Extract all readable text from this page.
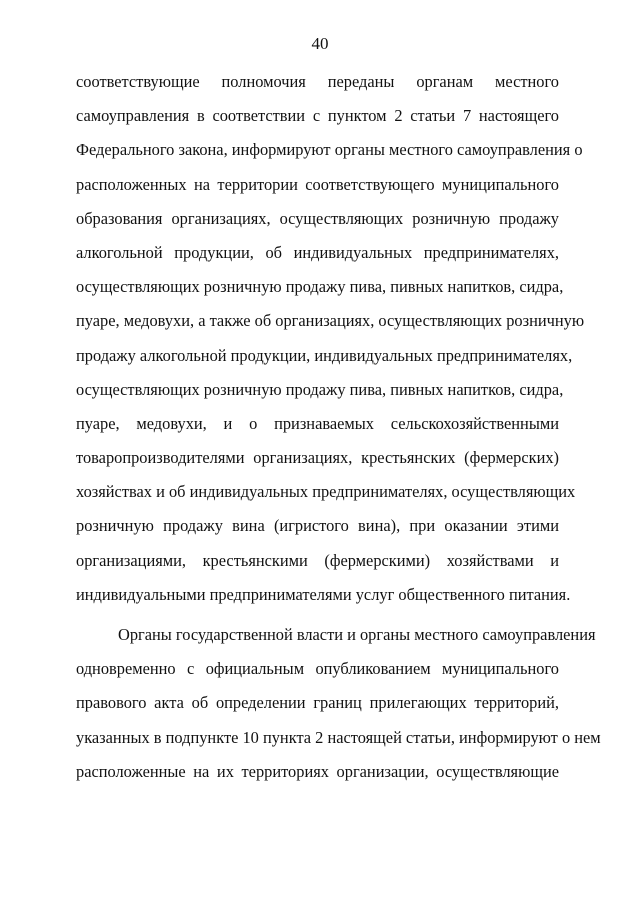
40
соответствующие полномочия переданы органам местного
самоуправления в соответствии с пунктом 2 статьи 7 настоящего
Федерального закона, информируют органы местного самоуправления о
расположенных на территории соответствующего муниципального
образования организациях, осуществляющих розничную продажу
алкогольной продукции, об индивидуальных предпринимателях,
осуществляющих розничную продажу пива, пивных напитков, сидра,
пуаре, медовухи, а также об организациях, осуществляющих розничную
продажу алкогольной продукции, индивидуальных предпринимателях,
осуществляющих розничную продажу пива, пивных напитков, сидра,
пуаре, медовухи, и о признаваемых сельскохозяйственными
товаропроизводителями организациях, крестьянских (фермерских)
хозяйствах и об индивидуальных предпринимателях, осуществляющих
розничную продажу вина (игристого вина), при оказании этими
организациями, крестьянскими (фермерскими) хозяйствами и
индивидуальными предпринимателями услуг общественного питания.
Органы государственной власти и органы местного самоуправления
одновременно с официальным опубликованием муниципального
правового акта об определении границ прилегающих территорий,
указанных в подпункте 10 пункта 2 настоящей статьи, информируют о нем
расположенные на их территориях организации, осуществляющие
